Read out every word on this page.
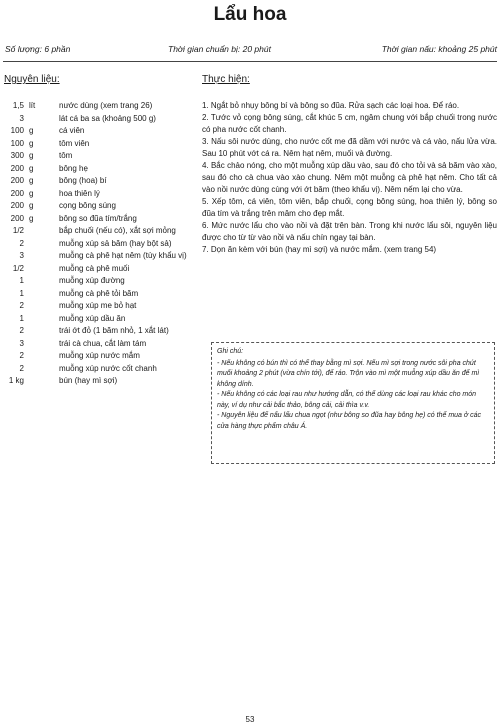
Lẩu hoa
Số lượng: 6 phần	Thời gian chuẩn bị: 20 phút	Thời gian nấu: khoảng 25 phút
Nguyên liệu:	Thực hiện:
1,5 lít	nước dùng (xem trang 26)
3	lát cá ba sa (khoảng 500 g)
100 g	cá viên
100 g	tôm viên
300 g	tôm
200 g	bông hẹ
200 g	bông (hoa) bí
200 g	hoa thiên lý
200 g	cọng bông súng
200 g	bông so đũa tím/trắng
1/2	bắp chuối (nếu có), xắt sợi mỏng
2	muỗng xúp sả băm (hay bột sả)
3	muỗng cà phê hạt nêm (tùy khẩu vị)
1/2	muỗng cà phê muối
1	muỗng xúp đường
1	muỗng cà phê tỏi băm
2	muỗng xúp me bỏ hạt
1	muỗng xúp dầu ăn
2	trái ớt đỏ (1 băm nhỏ, 1 xắt lát)
3	trái cà chua, cắt làm tám
2	muỗng xúp nước mắm
2	muỗng xúp nước cốt chanh
1 kg	bún (hay mì sợi)

1. Ngắt bỏ nhụy bông bí và bông so đũa. Rửa sạch các loại hoa. Để ráo.

2. Tước vỏ cọng bông súng, cắt khúc 5 cm, ngâm chung với bắp chuối trong nước có pha nước cốt chanh.

3. Nấu sôi nước dùng, cho nước cốt me đã dầm với nước và cá vào, nấu lửa vừa. Sau 10 phút vớt cá ra. Nêm hạt nêm, muối và đường.

4. Bắc chảo nóng, cho một muỗng xúp dầu vào, sau đó cho tỏi và sả băm vào xào, sau đó cho cà chua vào xào chung. Nêm một muỗng cà phê hạt nêm. Cho tất cả vào nồi nước dùng cùng với ớt băm (theo khẩu vị). Nêm nếm lại cho vừa.

5. Xếp tôm, cá viên, tôm viên, bắp chuối, cọng bông súng, hoa thiên lý, bông so đũa tím và trắng trên mâm cho đẹp mắt.

6. Mức nước lẩu cho vào nồi và đặt trên bàn. Trong khi nước lẩu sôi, nguyên liệu được cho từ từ vào nồi và nấu chín ngay tại bàn.

7. Dọn ăn kèm với bún (hay mì sợi) và nước mắm. (xem trang 54)

Ghi chú:

- Nếu không có bún thì có thể thay bằng mì sợi. Nếu mì sợi trong nước sôi pha chút muối khoảng 2 phút (vừa chín tới), để ráo. Trộn vào mì một muỗng xúp dầu ăn để mì không dính.

- Nếu không có các loại rau như hướng dẫn, có thể dùng các loại rau khác cho món này, ví dụ như cải bắc thảo, bông cải, cải thìa v.v.

- Nguyên liệu để nấu lẩu chua ngọt (như bông so đũa hay bông hẹ) có thể mua ở các cửa hàng thực phẩm châu Á.

53
